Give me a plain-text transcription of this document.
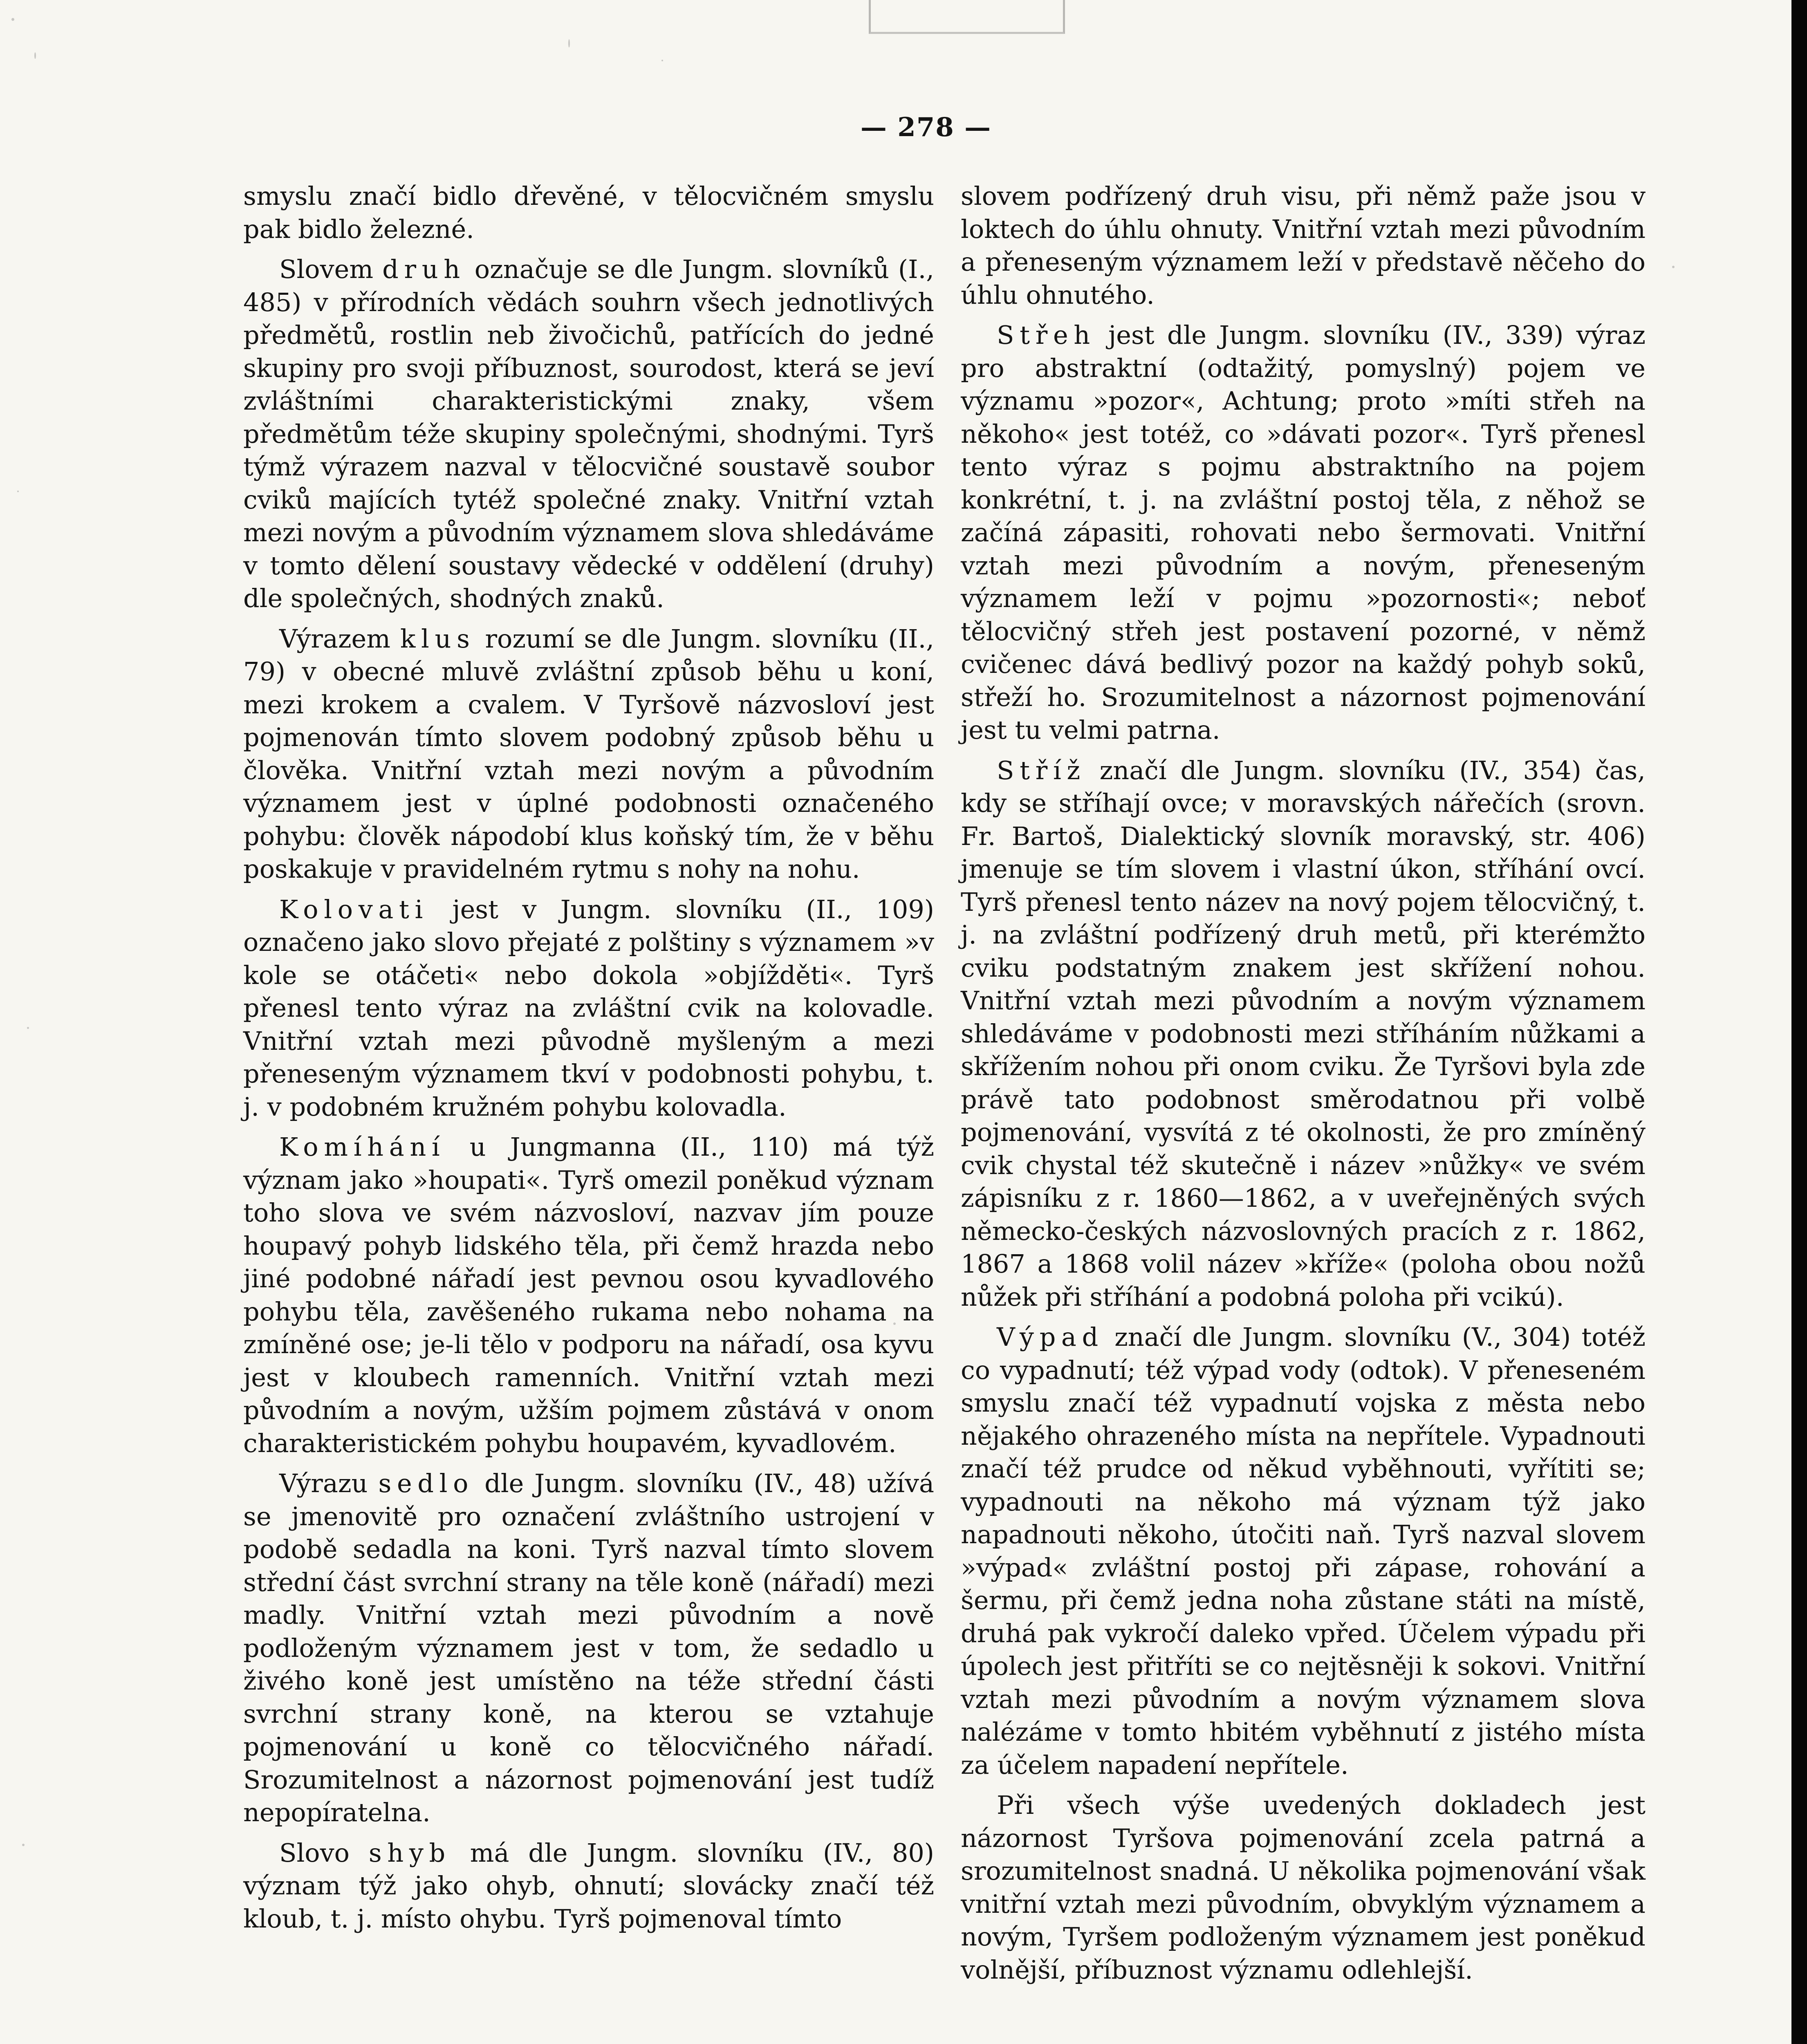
— 278 —

smyslu značí bidlo dřevěné, v tělocvičném smyslu pak bidlo železné.

Slovem druh označuje se dle Jungm. slovníků (I., 485) v přírodních vědách souhrn všech jednotlivých předmětů, rostlin neb živočichů, patřících do jedné skupiny pro svoji příbuznost, sourodost, která se jeví zvláštními charakteristickými znaky, všem předmětům téže skupiny společnými, shodnými. Tyrš týmž výrazem nazval v tělocvičné soustavě soubor cviků majících tytéž společné znaky. Vnitřní vztah mezi novým a původním významem slova shledáváme v tomto dělení soustavy vědecké v oddělení (druhy) dle společných, shodných znaků.

Výrazem klus rozumí se dle Jungm. slovníku (II., 79) v obecné mluvě zvláštní způsob běhu u koní, mezi krokem a cvalem. V Tyršově názvosloví jest pojmenován tímto slovem podobný způsob běhu u člověka. Vnitřní vztah mezi novým a původním významem jest v úplné podobnosti označeného pohybu: člověk nápodobí klus koňský tím, že v běhu poskakuje v pravidelném rytmu s nohy na nohu.

Kolovati jest v Jungm. slovníku (II., 109) označeno jako slovo přejaté z polštiny s významem »v kole se otáčeti« nebo dokola »objížděti«. Tyrš přenesl tento výraz na zvláštní cvik na kolovadle. Vnitřní vztah mezi původně myšleným a mezi přeneseným významem tkví v podobnosti pohybu, t. j. v podobném kružném pohybu kolovadla.

Komíhání u Jungmanna (II., 110) má týž význam jako »houpati«. Tyrš omezil poněkud význam toho slova ve svém názvosloví, nazvav jím pouze houpavý pohyb lidského těla, při čemž hrazda nebo jiné podobné nářadí jest pevnou osou kyvadlového pohybu těla, zavěšeného rukama nebo nohama na zmíněné ose; je-li tělo v podporu na nářadí, osa kyvu jest v kloubech ramenních. Vnitřní vztah mezi původním a novým, užším pojmem zůstává v onom charakteristickém pohybu houpavém, kyvadlovém.

Výrazu sedlo dle Jungm. slovníku (IV., 48) užívá se jmenovitě pro označení zvláštního ustrojení v podobě sedadla na koni. Tyrš nazval tímto slovem střední část svrchní strany na těle koně (nářadí) mezi madly. Vnitřní vztah mezi původním a nově podloženým významem jest v tom, že sedadlo u živého koně jest umístěno na téže střední části svrchní strany koně, na kterou se vztahuje pojmenování u koně co tělocvičného nářadí. Srozumitelnost a názornost pojmenování jest tudíž nepopíratelna.

Slovo shyb má dle Jungm. slovníku (IV., 80) význam týž jako ohyb, ohnutí; slovácky značí též kloub, t. j. místo ohybu. Tyrš pojmenoval tímto

slovem podřízený druh visu, při němž paže jsou v loktech do úhlu ohnuty. Vnitřní vztah mezi původním a přeneseným významem leží v představě něčeho do úhlu ohnutého.

Střeh jest dle Jungm. slovníku (IV., 339) výraz pro abstraktní (odtažitý, pomyslný) pojem ve významu »pozor«, Achtung; proto »míti střeh na někoho« jest totéž, co »dávati pozor«. Tyrš přenesl tento výraz s pojmu abstraktního na pojem konkrétní, t. j. na zvláštní postoj těla, z něhož se začíná zápasiti, rohovati nebo šermovati. Vnitřní vztah mezi původním a novým, přeneseným významem leží v pojmu »pozornosti«; neboť tělocvičný střeh jest postavení pozorné, v němž cvičenec dává bedlivý pozor na každý pohyb soků, střeží ho. Srozumitelnost a názornost pojmenování jest tu velmi patrna.

Stříž značí dle Jungm. slovníku (IV., 354) čas, kdy se stříhají ovce; v moravských nářečích (srovn. Fr. Bartoš, Dialektický slovník moravský, str. 406) jmenuje se tím slovem i vlastní úkon, stříhání ovcí. Tyrš přenesl tento název na nový pojem tělocvičný, t. j. na zvláštní podřízený druh metů, při kterémžto cviku podstatným znakem jest skřížení nohou. Vnitřní vztah mezi původním a novým významem shledáváme v podobnosti mezi stříháním nůžkami a skřížením nohou při onom cviku. Že Tyršovi byla zde právě tato podobnost směrodatnou při volbě pojmenování, vysvítá z té okolnosti, že pro zmíněný cvik chystal též skutečně i název »nůžky« ve svém zápisníku z r. 1860—1862, a v uveřejněných svých německo-českých názvoslovných pracích z r. 1862, 1867 a 1868 volil název »kříže« (poloha obou nožů nůžek při stříhání a podobná poloha při vcikú).

Výpad značí dle Jungm. slovníku (V., 304) totéž co vypadnutí; též výpad vody (odtok). V přeneseném smyslu značí též vypadnutí vojska z města nebo nějakého ohrazeného místa na nepřítele. Vypadnouti značí též prudce od někud vyběhnouti, vyřítiti se; vypadnouti na někoho má význam týž jako napadnouti někoho, útočiti naň. Tyrš nazval slovem »výpad« zvláštní postoj při zápase, rohování a šermu, při čemž jedna noha zůstane státi na místě, druhá pak vykročí daleko vpřed. Účelem výpadu při úpolech jest přitříti se co nejtěsněji k sokovi. Vnitřní vztah mezi původním a novým významem slova nalézáme v tomto hbitém vyběhnutí z jistého místa za účelem napadení nepřítele.

Při všech výše uvedených dokladech jest názornost Tyršova pojmenování zcela patrná a srozumitelnost snadná. U několika pojmenování však vnitřní vztah mezi původním, obvyklým významem a novým, Tyršem podloženým významem jest poněkud volnější, příbuznost významu odlehlejší.
